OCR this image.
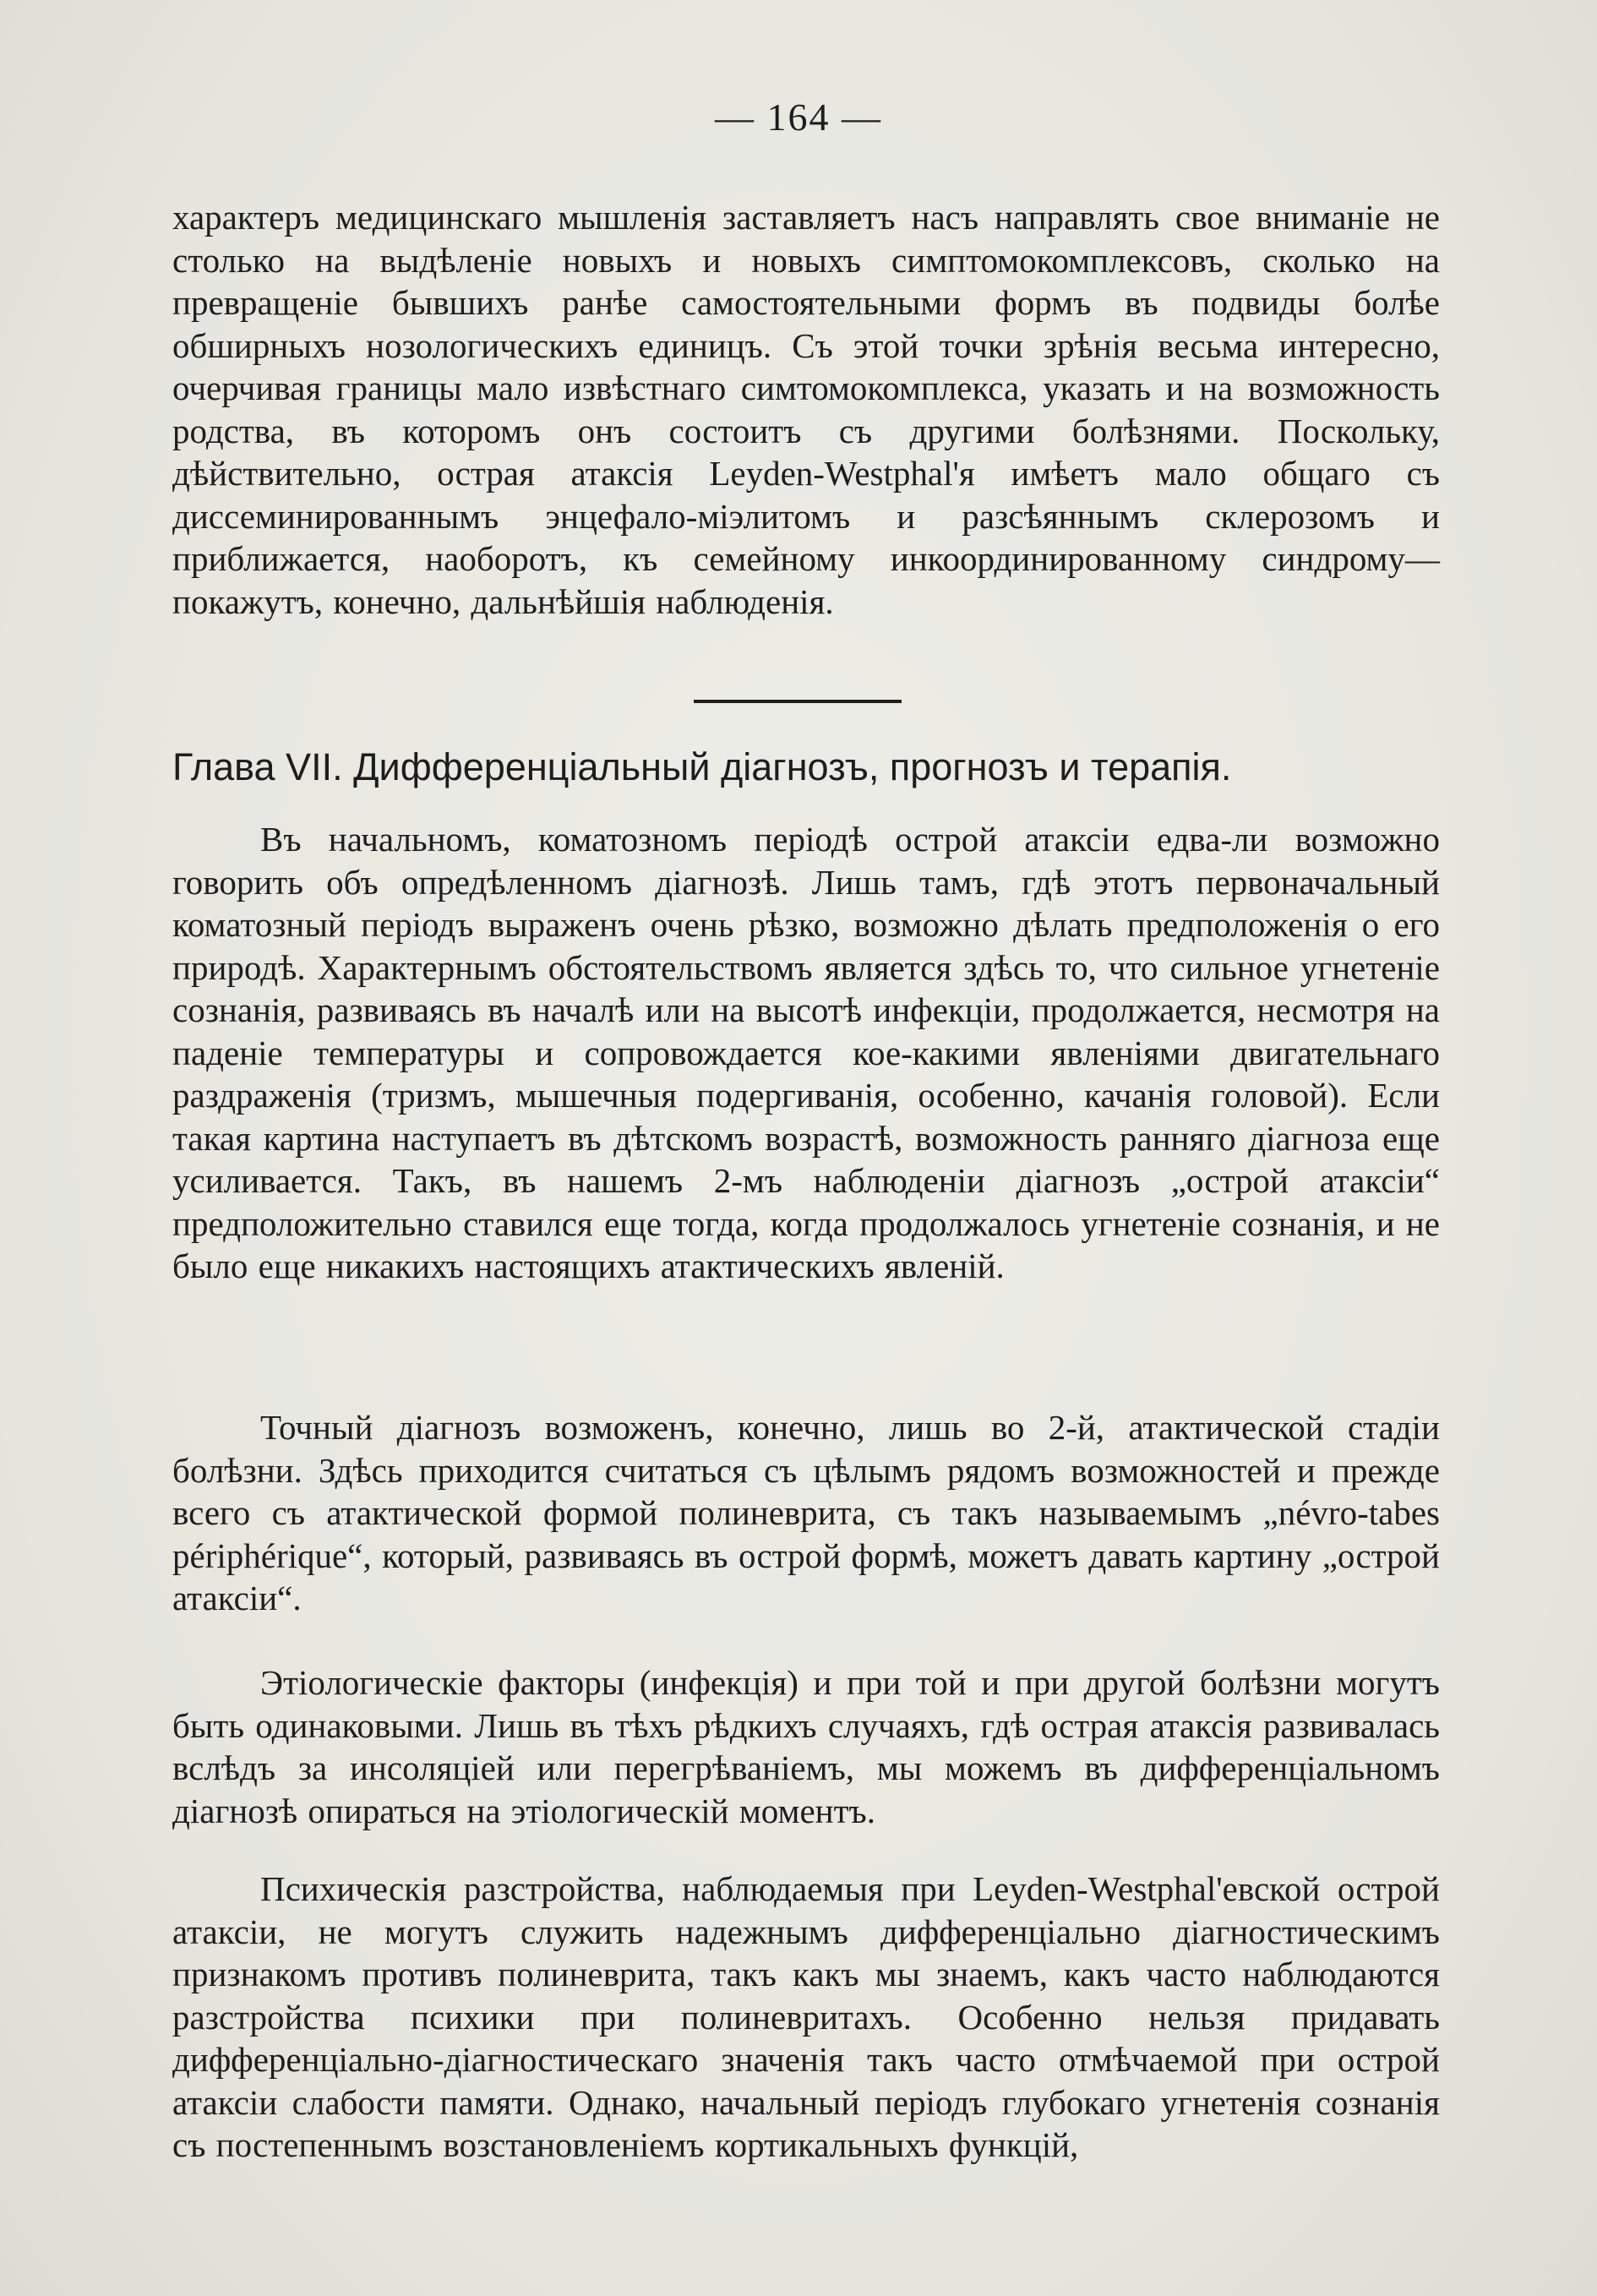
— 164 —

характеръ медицинскаго мышленія заставляетъ насъ направлять свое вниманіе не столько на выдѣленіе новыхъ и новыхъ симптомокомплексовъ, сколько на превращеніе бывшихъ ранѣе самостоятельными формъ въ подвиды болѣе обширныхъ нозологическихъ единицъ. Съ этой точки зрѣнія весьма интересно, очерчивая границы мало извѣстнаго симтомокомплекса, указать и на возможность родства, въ которомъ онъ состоитъ съ другими болѣзнями. Поскольку, дѣйствительно, острая атаксія Leyden-Westphal'я имѣетъ мало общаго съ диссеминированнымъ энцефало-міэлитомъ и разсѣяннымъ склерозомъ и приближается, наоборотъ, къ семейному инкоординированному синдрому—покажутъ, конечно, дальнѣйшія наблюденія.

Глава VII. Дифференціальный діагнозъ, прогнозъ и терапія.

Въ начальномъ, коматозномъ періодѣ острой атаксіи едва-ли возможно говорить объ опредѣленномъ діагнозѣ. Лишь тамъ, гдѣ этотъ первоначальный коматозный періодъ выраженъ очень рѣзко, возможно дѣлать предположенія о его природѣ. Характернымъ обстоятельствомъ является здѣсь то, что сильное угнетеніе сознанія, развиваясь въ началѣ или на высотѣ инфекціи, продолжается, несмотря на паденіе температуры и сопровождается кое-какими явленіями двигательнаго раздраженія (тризмъ, мышечныя подергиванія, особенно, качанія головой). Если такая картина наступаетъ въ дѣтскомъ возрастѣ, возможность ранняго діагноза еще усиливается. Такъ, въ нашемъ 2-мъ наблюденіи діагнозъ „острой атаксіи“ предположительно ставился еще тогда, когда продолжалось угнетеніе сознанія, и не было еще никакихъ настоящихъ атактическихъ явленій.

Точный діагнозъ возможенъ, конечно, лишь во 2-й, атактической стадіи болѣзни. Здѣсь приходится считаться съ цѣлымъ рядомъ возможностей и прежде всего съ атактической формой полиневрита, съ такъ называемымъ „névro-tabes périphérique“, который, развиваясь въ острой формѣ, можетъ давать картину „острой атаксіи“.

Этіологическіе факторы (инфекція) и при той и при другой болѣзни могутъ быть одинаковыми. Лишь въ тѣхъ рѣдкихъ случаяхъ, гдѣ острая атаксія развивалась вслѣдъ за инсоляціей или перегрѣваніемъ, мы можемъ въ дифференціальномъ діагнозѣ опираться на этіологическій моментъ.

Психическія разстройства, наблюдаемыя при Leyden-Westphal'евской острой атаксіи, не могутъ служить надежнымъ дифференціально діагностическимъ признакомъ противъ полиневрита, такъ какъ мы знаемъ, какъ часто наблюдаются разстройства психики при полиневритахъ. Особенно нельзя придавать дифференціально-діагностическаго значенія такъ часто отмѣчаемой при острой атаксіи слабости памяти. Однако, начальный періодъ глубокаго угнетенія сознанія съ постепеннымъ возстановленіемъ кортикальныхъ функцій,
